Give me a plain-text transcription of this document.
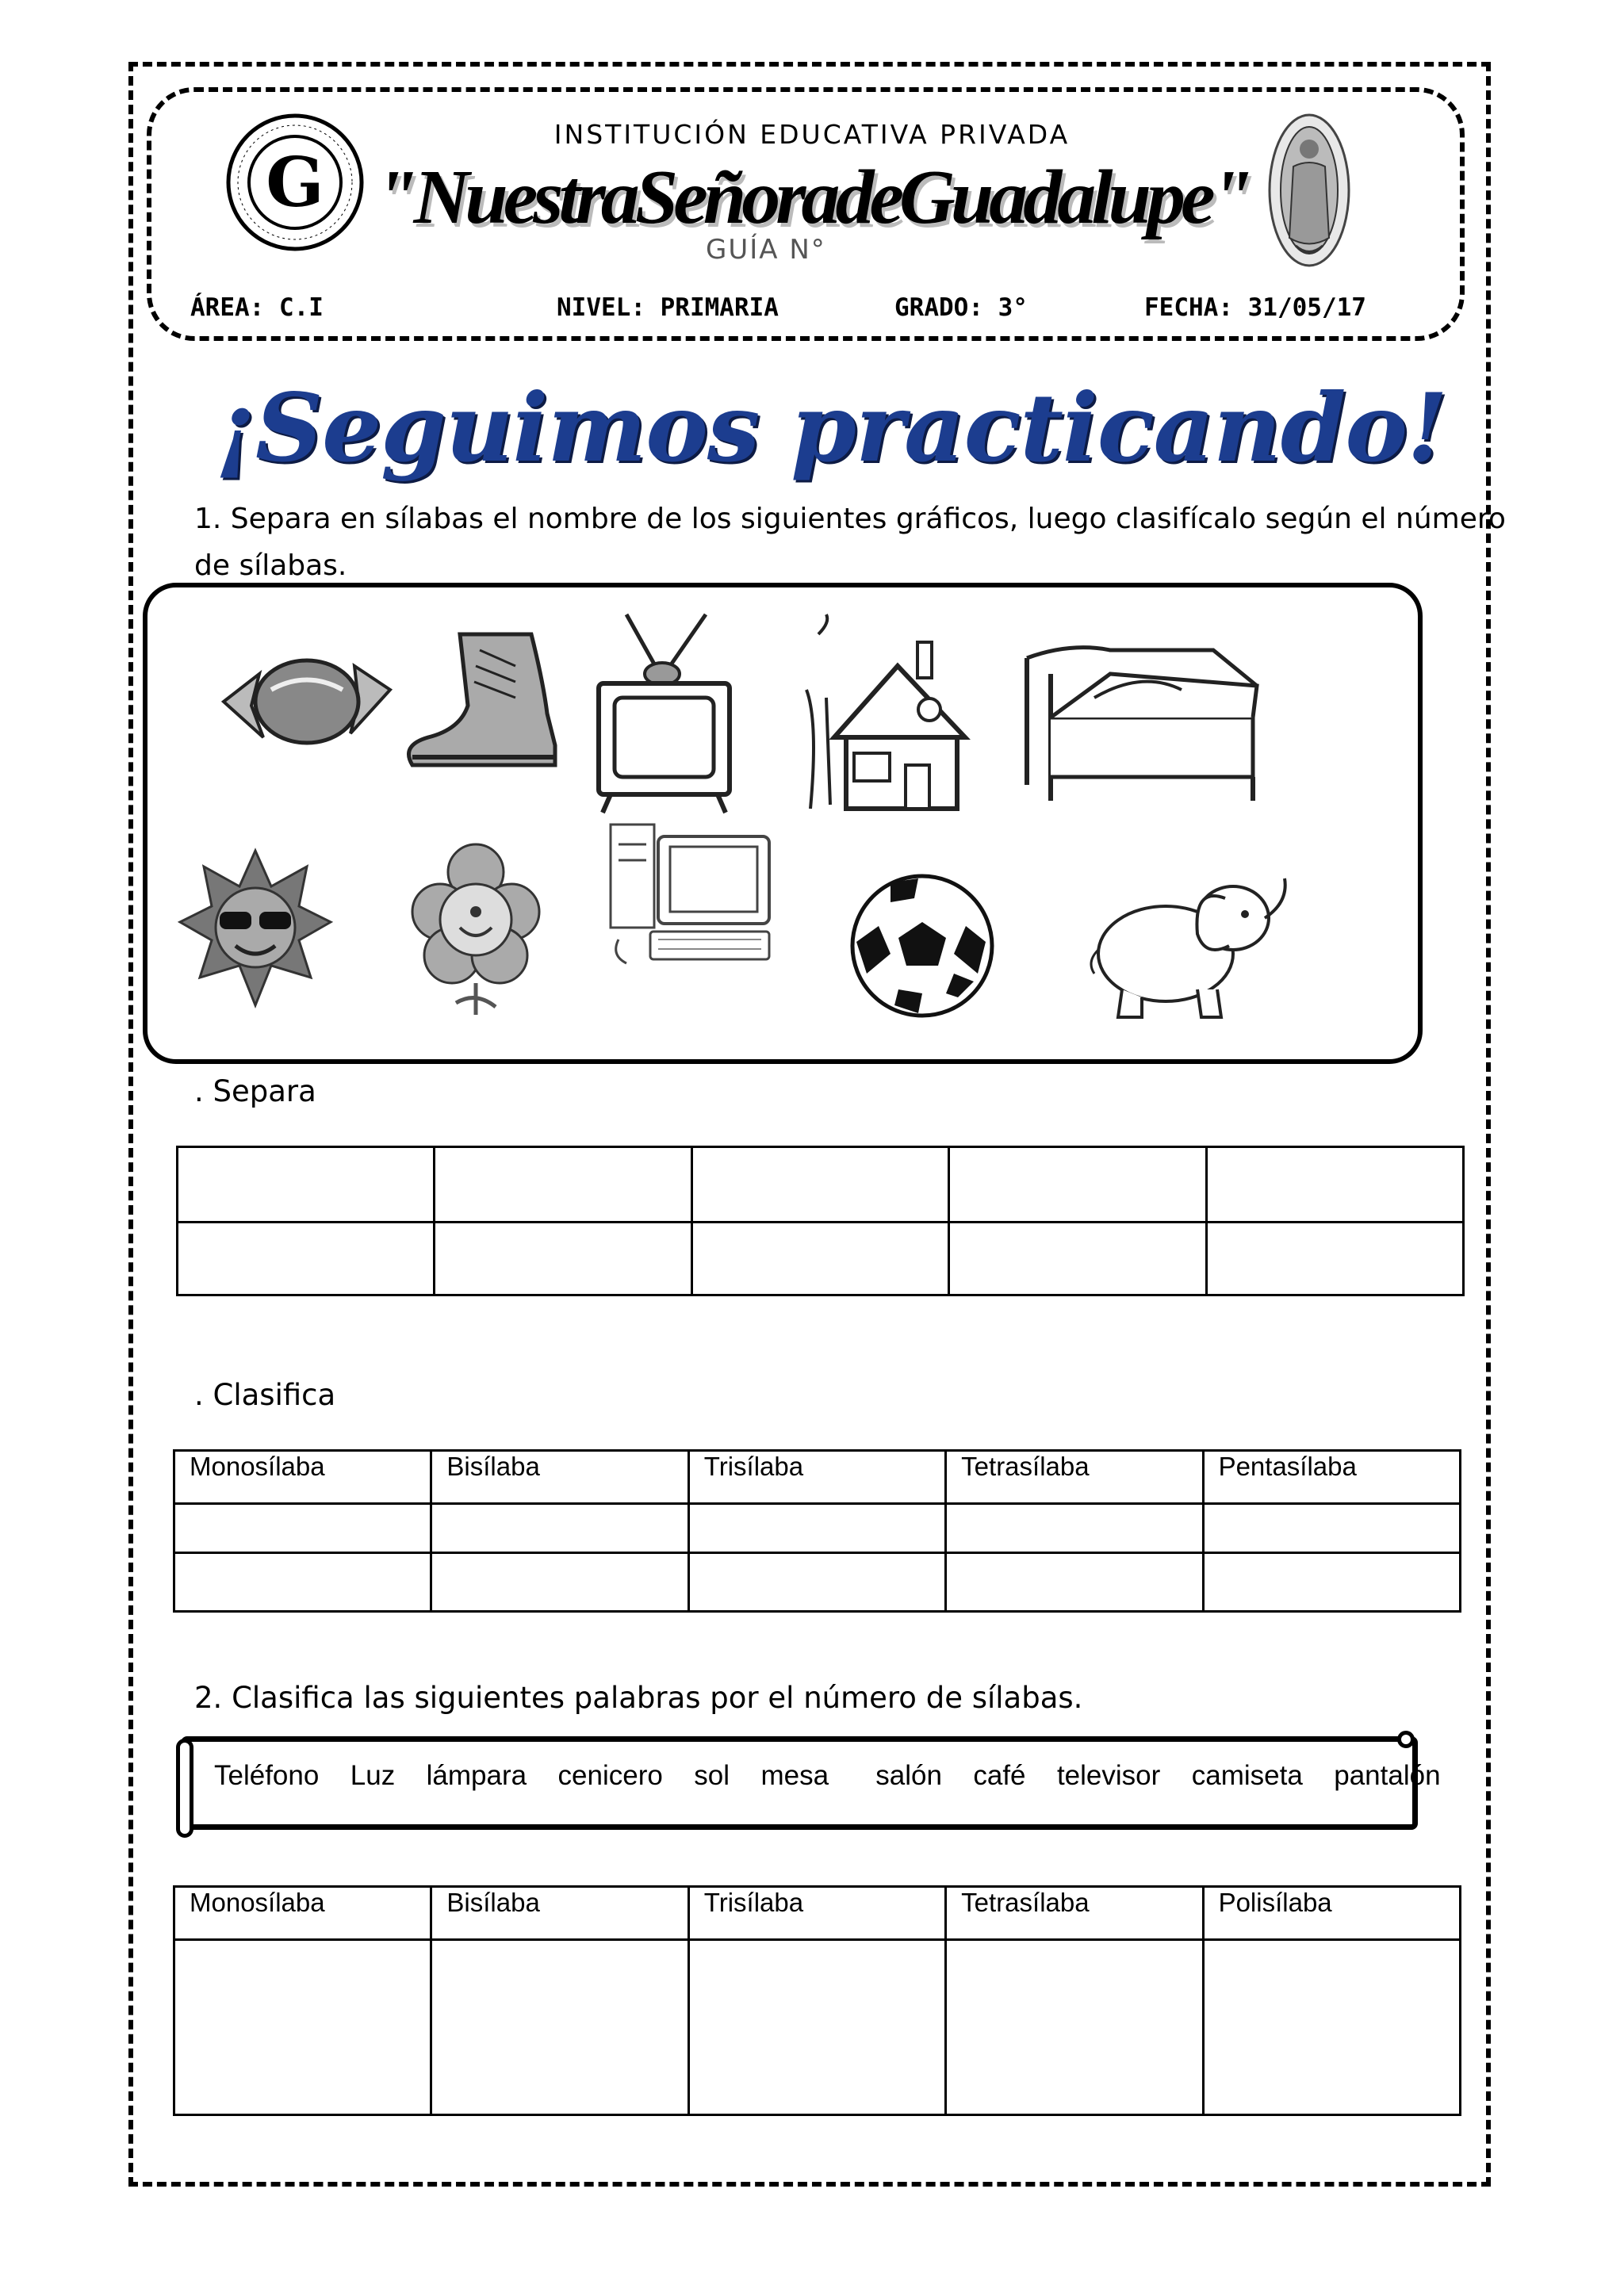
G
INSTITUCIÓN EDUCATIVA PRIVADA
GUÍA N°
"NuestraSeñoradeGuadalupe"
ÁREA: C.I	NIVEL: PRIMARIA	GRADO: 3°	FECHA: 31/05/17
¡Seguimos practicando!
1. Separa en sílabas el nombre de los siguientes gráficos, luego clasifícalo según el número
de sílabas.
. Separa

. Clasifica
Monosílaba	Bisílaba	Trisílaba	Tetrasílaba	Pentasílaba

2. Clasifica las siguientes palabras por el número de sílabas.
Teléfono  Luz  lámpara  cenicero  sol  mesa   salón  café  televisor  camiseta  pantalón
Monosílaba	Bisílaba	Trisílaba	Tetrasílaba	Polisílaba
